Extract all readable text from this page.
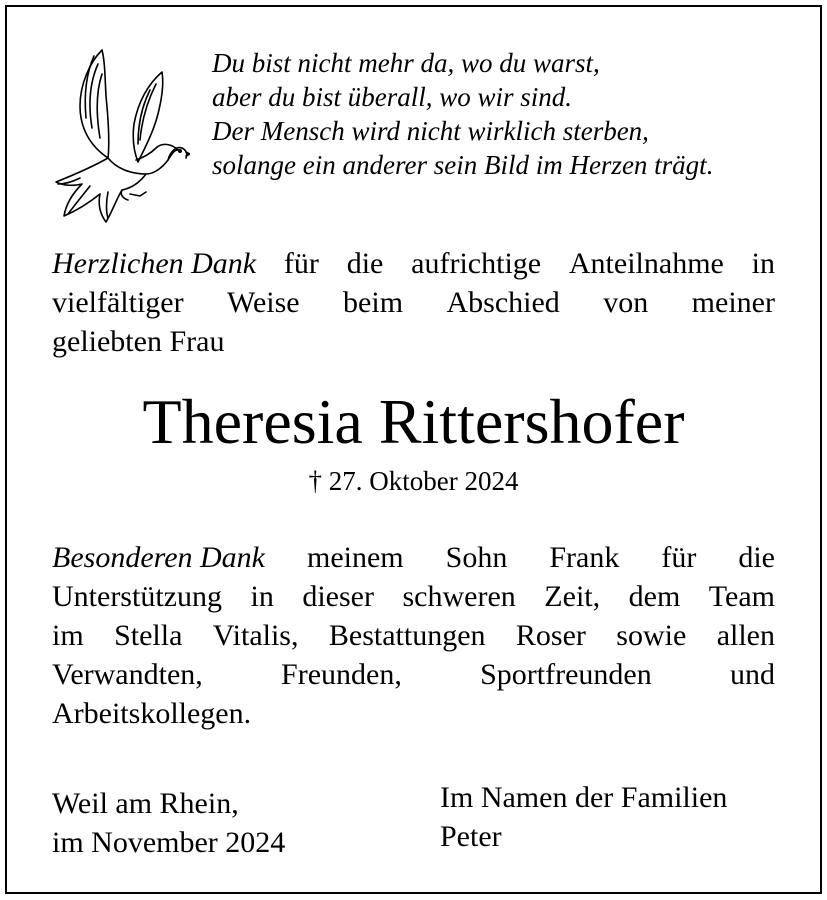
Du bist nicht mehr da, wo du warst,
aber du bist überall, wo wir sind.
Der Mensch wird nicht wirklich sterben,
solange ein anderer sein Bild im Herzen trägt.
Herzlichen Dank für die aufrichtige Anteilnahme in
vielfältiger Weise beim Abschied von meiner
geliebten Frau
Theresia Rittershofer
† 27. Oktober 2024
Besonderen Dank meinem Sohn Frank für die
Unterstützung in dieser schweren Zeit, dem Team
im Stella Vitalis, Bestattungen Roser sowie allen
Verwandten,	Freunden,	Sportfreunden	und
Arbeitskollegen.
Weil am Rhein,
im November 2024
Im Namen der Familien
Peter
